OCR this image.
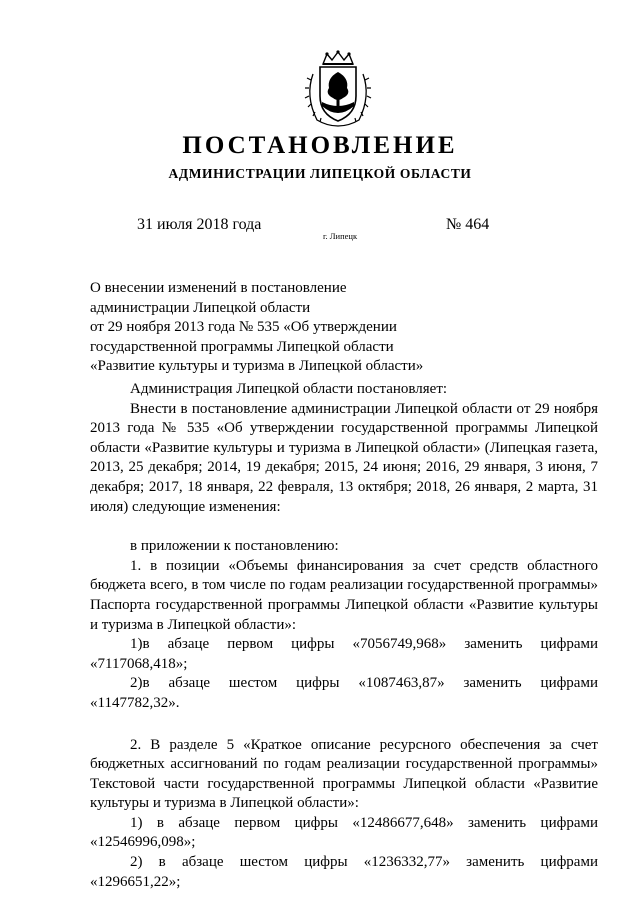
ПОСТАНОВЛЕНИЕ
АДМИНИСТРАЦИИ ЛИПЕЦКОЙ ОБЛАСТИ
31 июля 2018 года
г. Липецк
№ 464
О внесении изменений в постановление
администрации Липецкой области
от 29 ноября 2013 года № 535 «Об утверждении
государственной программы Липецкой области
«Развитие культуры и туризма в Липецкой области»

Администрация Липецкой области постановляет:

Внести в постановление администрации Липецкой области от 29 ноября 2013 года № 535 «Об утверждении государственной программы Липецкой области «Развитие культуры и туризма в Липецкой области» (Липецкая газета, 2013, 25 декабря; 2014, 19 декабря; 2015, 24 июня; 2016, 29 января, 3 июня, 7 декабря; 2017, 18 января, 22 февраля, 13 октября; 2018, 26 января, 2 марта, 31 июля) следующие изменения:

в приложении к постановлению:

1. в позиции «Объемы финансирования за счет средств областного бюджета всего, в том числе по годам реализации государственной программы» Паспорта государственной программы Липецкой области «Развитие культуры и туризма в Липецкой области»:

1)в абзаце первом цифры «7056749,968» заменить цифрами «7117068,418»;

2)в абзаце шестом цифры «1087463,87» заменить цифрами «1147782,32».

2. В разделе 5 «Краткое описание ресурсного обеспечения за счет бюджетных ассигнований по годам реализации государственной программы» Текстовой части государственной программы Липецкой области «Развитие культуры и туризма в Липецкой области»:

1) в абзаце первом цифры «12486677,648» заменить цифрами «12546996,098»;

2) в абзаце шестом цифры «1236332,77» заменить цифрами «1296651,22»;
